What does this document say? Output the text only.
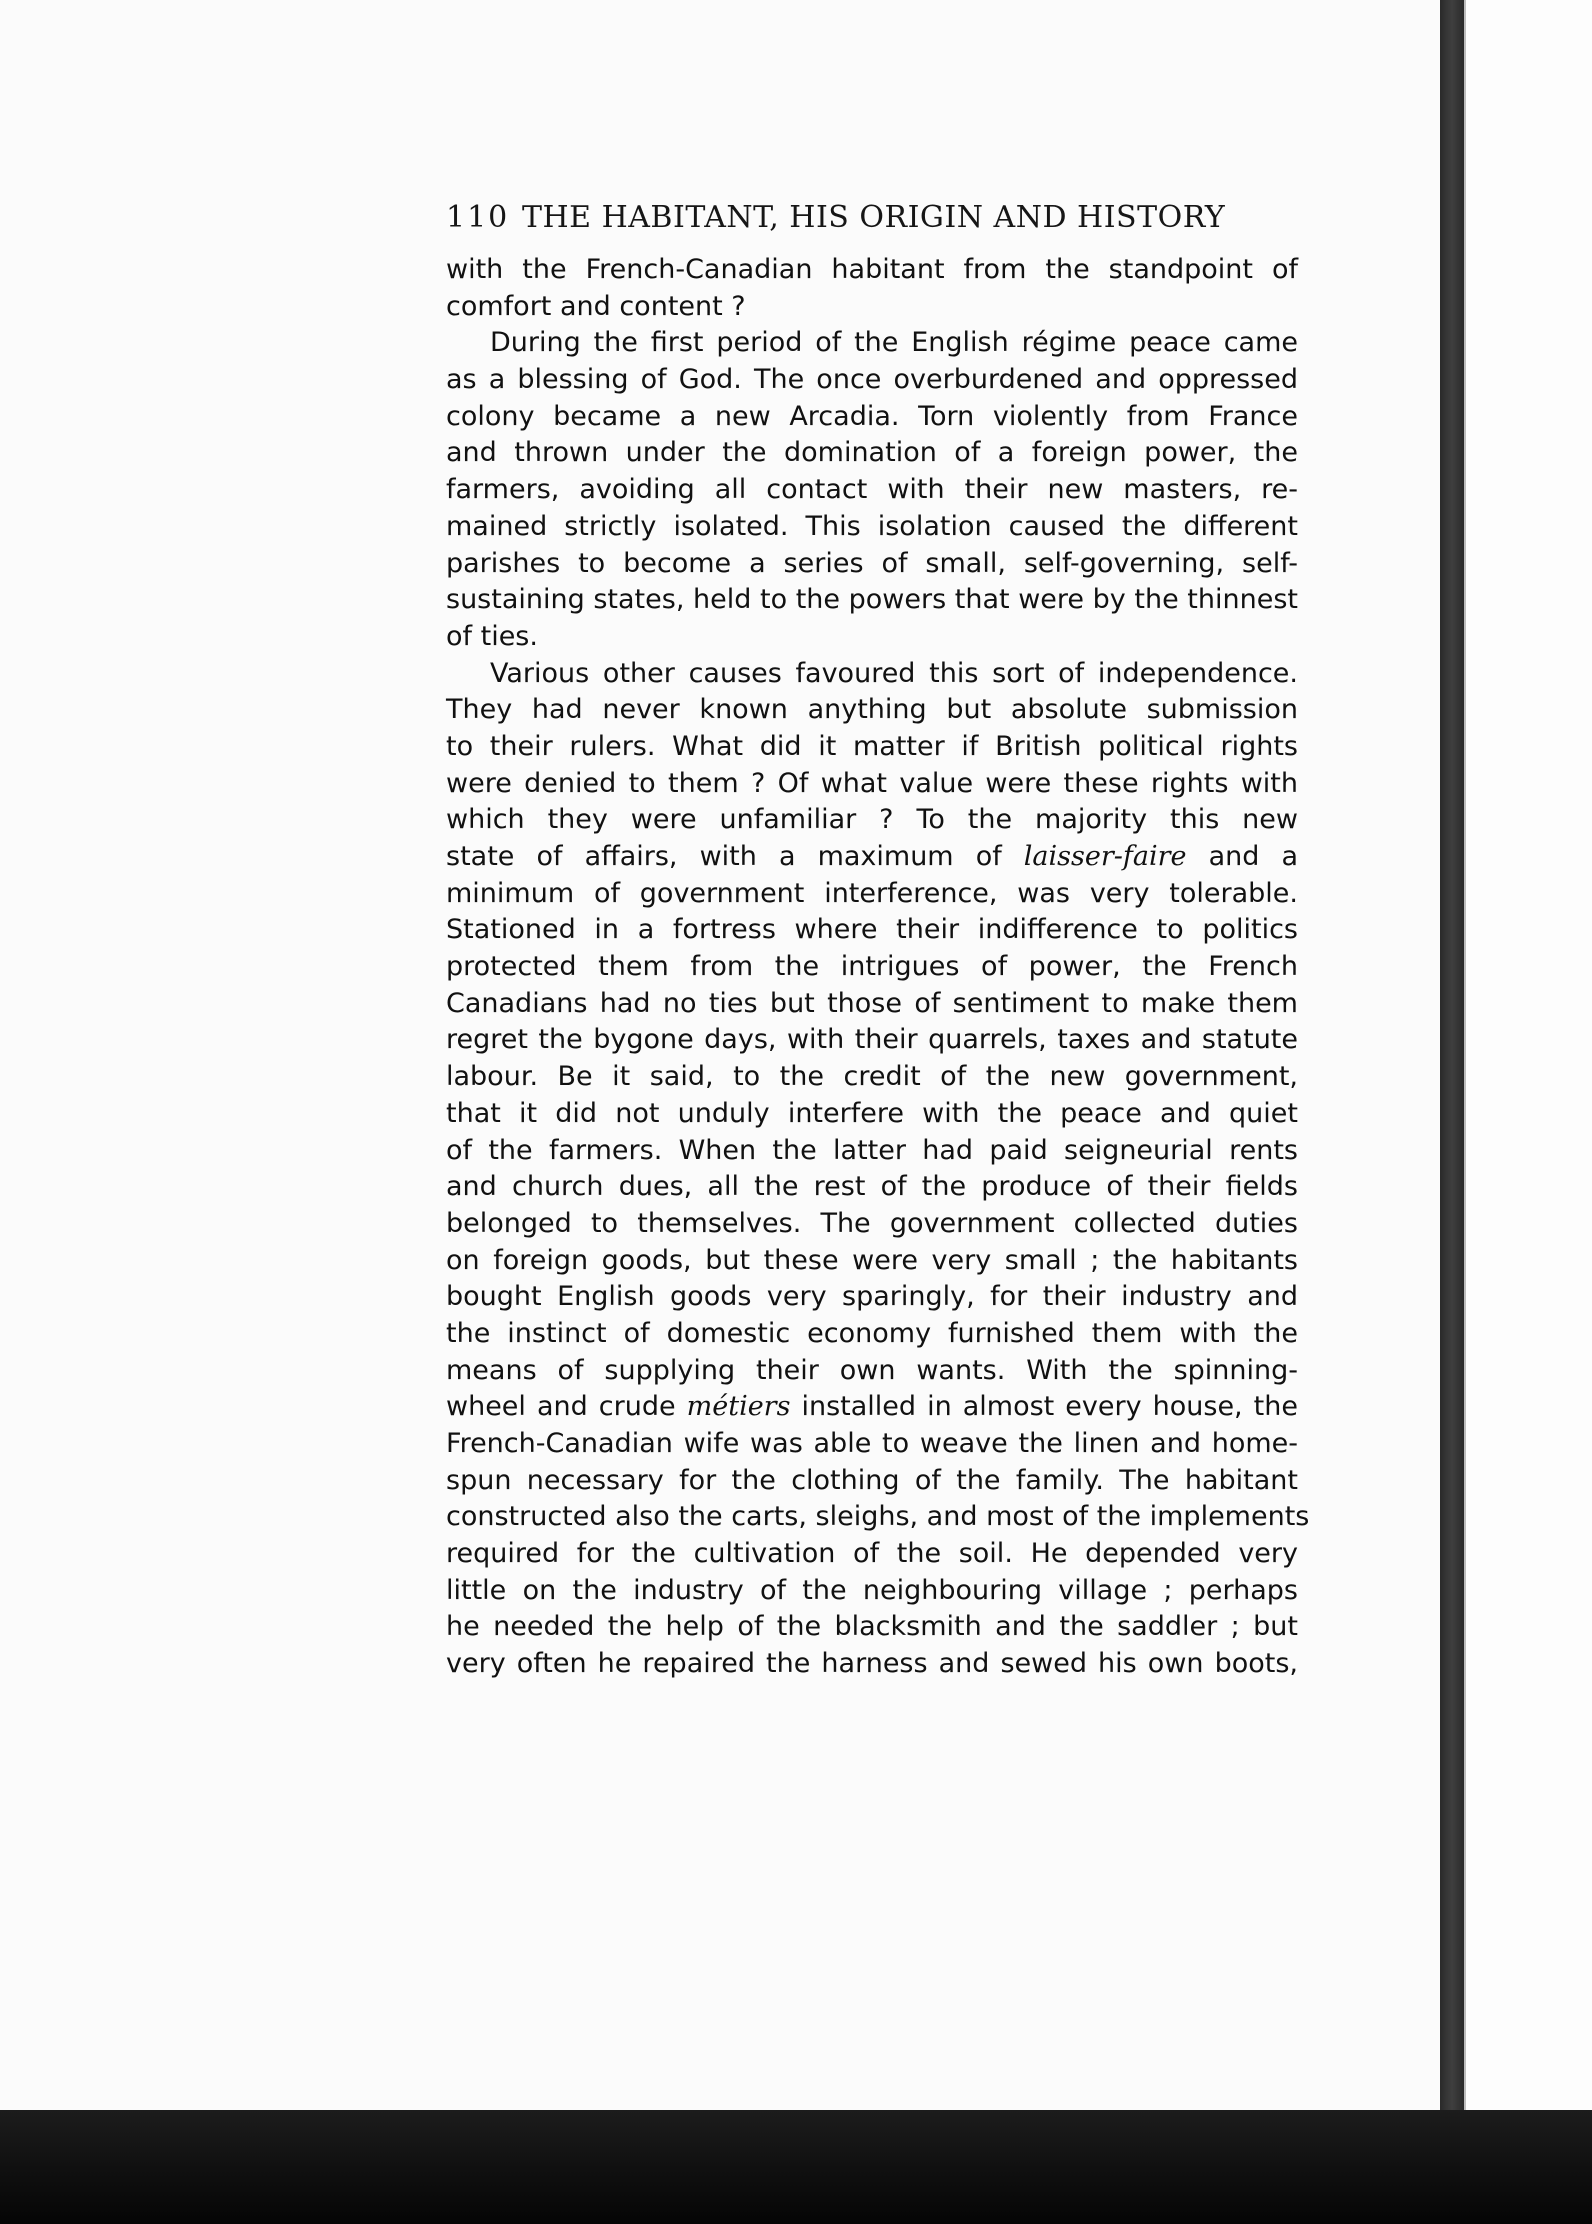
110 THE HABITANT, HIS ORIGIN AND HISTORY
with the French-Canadian habitant from the standpoint of
comfort and content ?
During the first period of the English régime peace came
as a blessing of God. The once overburdened and oppressed
colony became a new Arcadia. Torn violently from France
and thrown under the domination of a foreign power, the
farmers, avoiding all contact with their new masters, re-
mained strictly isolated. This isolation caused the different
parishes to become a series of small, self-governing, self-
sustaining states, held to the powers that were by the thinnest
of ties.
Various other causes favoured this sort of independence.
They had never known anything but absolute submission
to their rulers. What did it matter if British political rights
were denied to them ? Of what value were these rights with
which they were unfamiliar ? To the majority this new
state of affairs, with a maximum of laisser-faire and a
minimum of government interference, was very tolerable.
Stationed in a fortress where their indifference to politics
protected them from the intrigues of power, the French
Canadians had no ties but those of sentiment to make them
regret the bygone days, with their quarrels, taxes and statute
labour. Be it said, to the credit of the new government,
that it did not unduly interfere with the peace and quiet
of the farmers. When the latter had paid seigneurial rents
and church dues, all the rest of the produce of their fields
belonged to themselves. The government collected duties
on foreign goods, but these were very small ; the habitants
bought English goods very sparingly, for their industry and
the instinct of domestic economy furnished them with the
means of supplying their own wants. With the spinning-
wheel and crude métiers installed in almost every house, the
French-Canadian wife was able to weave the linen and home-
spun necessary for the clothing of the family. The habitant
constructed also the carts, sleighs, and most of the implements
required for the cultivation of the soil. He depended very
little on the industry of the neighbouring village ; perhaps
he needed the help of the blacksmith and the saddler ; but
very often he repaired the harness and sewed his own boots,
